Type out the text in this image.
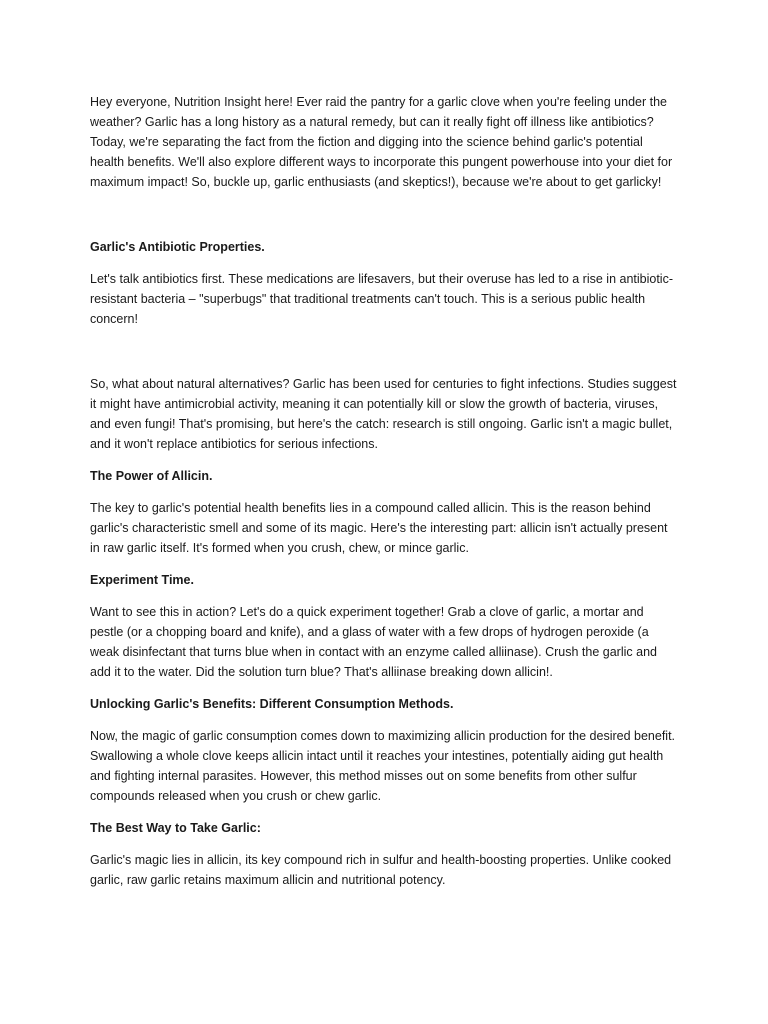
Hey everyone, Nutrition Insight here! Ever raid the pantry for a garlic clove when you're feeling under the weather? Garlic has a long history as a natural remedy, but can it really fight off illness like antibiotics? Today, we're separating the fact from the fiction and digging into the science behind garlic's potential health benefits. We'll also explore different ways to incorporate this pungent powerhouse into your diet for maximum impact! So, buckle up, garlic enthusiasts (and skeptics!), because we're about to get garlicky!

Garlic's Antibiotic Properties.

Let's talk antibiotics first. These medications are lifesavers, but their overuse has led to a rise in antibiotic-resistant bacteria – "superbugs" that traditional treatments can't touch. This is a serious public health concern!

So, what about natural alternatives? Garlic has been used for centuries to fight infections. Studies suggest it might have antimicrobial activity, meaning it can potentially kill or slow the growth of bacteria, viruses, and even fungi! That's promising, but here's the catch: research is still ongoing. Garlic isn't a magic bullet, and it won't replace antibiotics for serious infections.

The Power of Allicin.

The key to garlic's potential health benefits lies in a compound called allicin. This is the reason behind garlic's characteristic smell and some of its magic. Here's the interesting part: allicin isn't actually present in raw garlic itself. It's formed when you crush, chew, or mince garlic.

Experiment Time.

Want to see this in action? Let's do a quick experiment together! Grab a clove of garlic, a mortar and pestle (or a chopping board and knife), and a glass of water with a few drops of hydrogen peroxide (a weak disinfectant that turns blue when in contact with an enzyme called alliinase). Crush the garlic and add it to the water. Did the solution turn blue? That's alliinase breaking down allicin!.

Unlocking Garlic's Benefits: Different Consumption Methods.

Now, the magic of garlic consumption comes down to maximizing allicin production for the desired benefit. Swallowing a whole clove keeps allicin intact until it reaches your intestines, potentially aiding gut health and fighting internal parasites. However, this method misses out on some benefits from other sulfur compounds released when you crush or chew garlic.

The Best Way to Take Garlic:

Garlic's magic lies in allicin, its key compound rich in sulfur and health-boosting properties. Unlike cooked garlic, raw garlic retains maximum allicin and nutritional potency.
